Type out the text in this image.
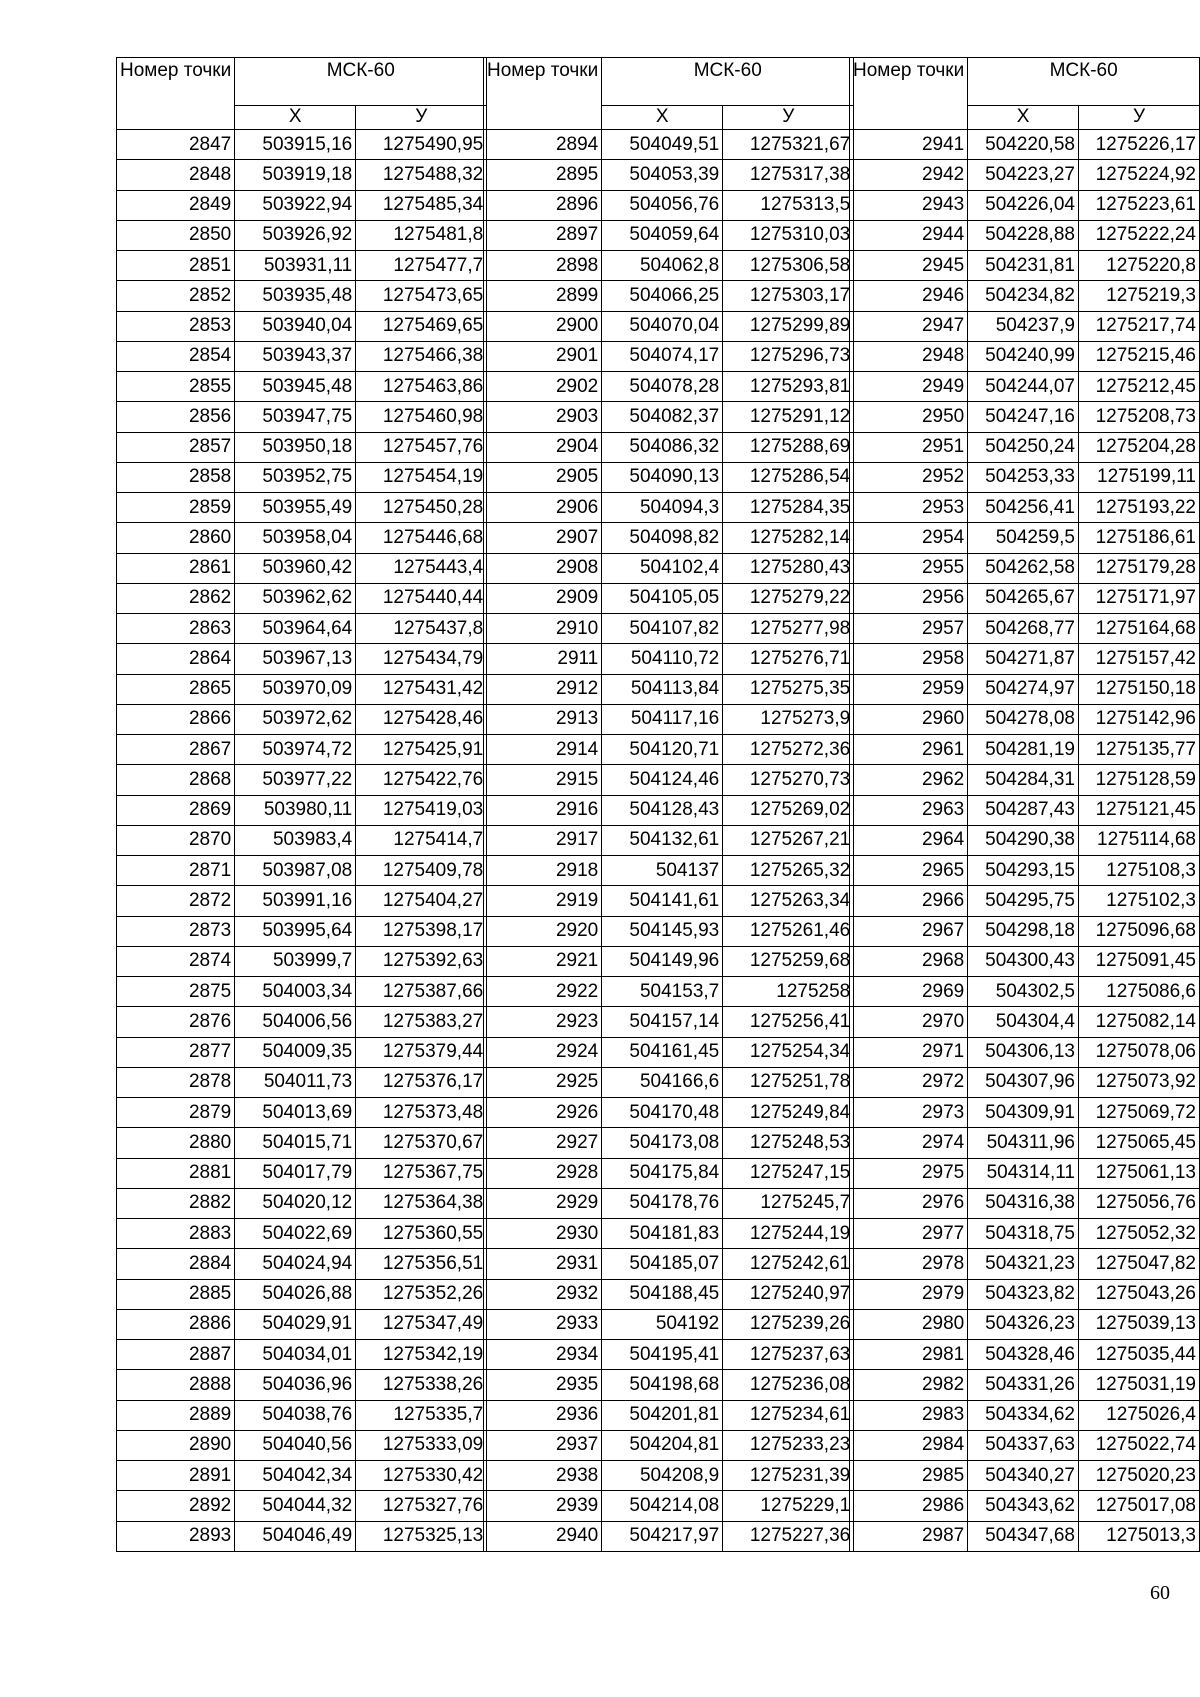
Номер точки	МСК-60	
	Х	У
2847	503915,16	1275490,95
2848	503919,18	1275488,32
2849	503922,94	1275485,34
2850	503926,92	1275481,8
2851	503931,11	1275477,7
2852	503935,48	1275473,65
2853	503940,04	1275469,65
2854	503943,37	1275466,38
2855	503945,48	1275463,86
2856	503947,75	1275460,98
2857	503950,18	1275457,76
2858	503952,75	1275454,19
2859	503955,49	1275450,28
2860	503958,04	1275446,68
2861	503960,42	1275443,4
2862	503962,62	1275440,44
2863	503964,64	1275437,8
2864	503967,13	1275434,79
2865	503970,09	1275431,42
2866	503972,62	1275428,46
2867	503974,72	1275425,91
2868	503977,22	1275422,76
2869	503980,11	1275419,03
2870	503983,4	1275414,7
2871	503987,08	1275409,78
2872	503991,16	1275404,27
2873	503995,64	1275398,17
2874	503999,7	1275392,63
2875	504003,34	1275387,66
2876	504006,56	1275383,27
2877	504009,35	1275379,44
2878	504011,73	1275376,17
2879	504013,69	1275373,48
2880	504015,71	1275370,67
2881	504017,79	1275367,75
2882	504020,12	1275364,38
2883	504022,69	1275360,55
2884	504024,94	1275356,51
2885	504026,88	1275352,26
2886	504029,91	1275347,49
2887	504034,01	1275342,19
2888	504036,96	1275338,26
2889	504038,76	1275335,7
2890	504040,56	1275333,09
2891	504042,34	1275330,42
2892	504044,32	1275327,76
2893	504046,49	1275325,13
Номер точки	МСК-60	
	Х	У
2894	504049,51	1275321,67
2895	504053,39	1275317,38
2896	504056,76	1275313,5
2897	504059,64	1275310,03
2898	504062,8	1275306,58
2899	504066,25	1275303,17
2900	504070,04	1275299,89
2901	504074,17	1275296,73
2902	504078,28	1275293,81
2903	504082,37	1275291,12
2904	504086,32	1275288,69
2905	504090,13	1275286,54
2906	504094,3	1275284,35
2907	504098,82	1275282,14
2908	504102,4	1275280,43
2909	504105,05	1275279,22
2910	504107,82	1275277,98
2911	504110,72	1275276,71
2912	504113,84	1275275,35
2913	504117,16	1275273,9
2914	504120,71	1275272,36
2915	504124,46	1275270,73
2916	504128,43	1275269,02
2917	504132,61	1275267,21
2918	504137	1275265,32
2919	504141,61	1275263,34
2920	504145,93	1275261,46
2921	504149,96	1275259,68
2922	504153,7	1275258
2923	504157,14	1275256,41
2924	504161,45	1275254,34
2925	504166,6	1275251,78
2926	504170,48	1275249,84
2927	504173,08	1275248,53
2928	504175,84	1275247,15
2929	504178,76	1275245,7
2930	504181,83	1275244,19
2931	504185,07	1275242,61
2932	504188,45	1275240,97
2933	504192	1275239,26
2934	504195,41	1275237,63
2935	504198,68	1275236,08
2936	504201,81	1275234,61
2937	504204,81	1275233,23
2938	504208,9	1275231,39
2939	504214,08	1275229,1
2940	504217,97	1275227,36
Номер точки	МСК-60	
	Х	У
2941	504220,58	1275226,17
2942	504223,27	1275224,92
2943	504226,04	1275223,61
2944	504228,88	1275222,24
2945	504231,81	1275220,8
2946	504234,82	1275219,3
2947	504237,9	1275217,74
2948	504240,99	1275215,46
2949	504244,07	1275212,45
2950	504247,16	1275208,73
2951	504250,24	1275204,28
2952	504253,33	1275199,11
2953	504256,41	1275193,22
2954	504259,5	1275186,61
2955	504262,58	1275179,28
2956	504265,67	1275171,97
2957	504268,77	1275164,68
2958	504271,87	1275157,42
2959	504274,97	1275150,18
2960	504278,08	1275142,96
2961	504281,19	1275135,77
2962	504284,31	1275128,59
2963	504287,43	1275121,45
2964	504290,38	1275114,68
2965	504293,15	1275108,3
2966	504295,75	1275102,3
2967	504298,18	1275096,68
2968	504300,43	1275091,45
2969	504302,5	1275086,6
2970	504304,4	1275082,14
2971	504306,13	1275078,06
2972	504307,96	1275073,92
2973	504309,91	1275069,72
2974	504311,96	1275065,45
2975	504314,11	1275061,13
2976	504316,38	1275056,76
2977	504318,75	1275052,32
2978	504321,23	1275047,82
2979	504323,82	1275043,26
2980	504326,23	1275039,13
2981	504328,46	1275035,44
2982	504331,26	1275031,19
2983	504334,62	1275026,4
2984	504337,63	1275022,74
2985	504340,27	1275020,23
2986	504343,62	1275017,08
2987	504347,68	1275013,3
60
